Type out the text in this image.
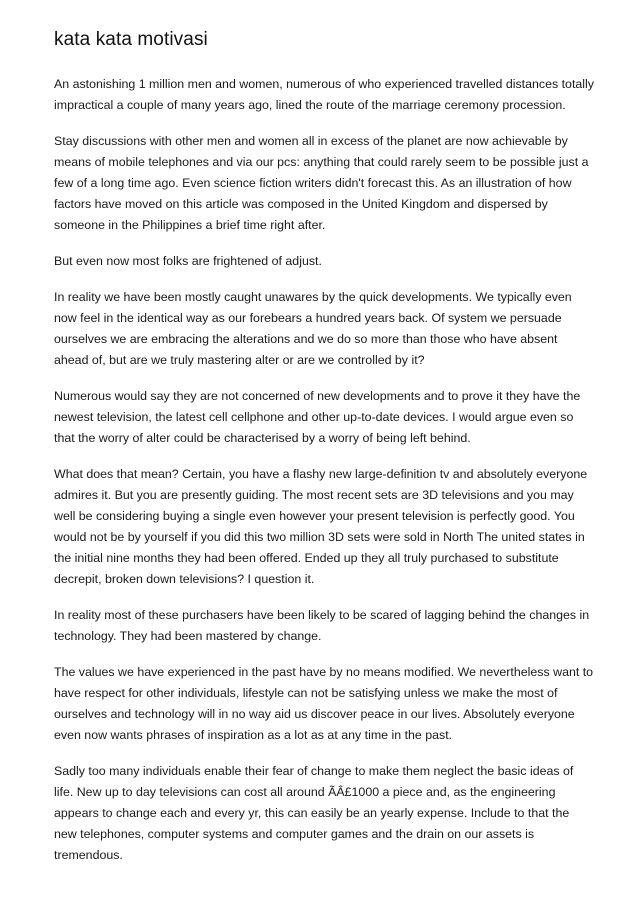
kata kata motivasi

An astonishing 1 million men and women, numerous of who experienced travelled distances totally impractical a couple of many years ago, lined the route of the marriage ceremony procession.

Stay discussions with other men and women all in excess of the planet are now achievable by means of mobile telephones and via our pcs: anything that could rarely seem to be possible just a few of a long time ago. Even science fiction writers didn't forecast this. As an illustration of how factors have moved on this article was composed in the United Kingdom and dispersed by someone in the Philippines a brief time right after.

But even now most folks are frightened of adjust.

In reality we have been mostly caught unawares by the quick developments. We typically even now feel in the identical way as our forebears a hundred years back. Of system we persuade ourselves we are embracing the alterations and we do so more than those who have absent ahead of, but are we truly mastering alter or are we controlled by it?

Numerous would say they are not concerned of new developments and to prove it they have the newest television, the latest cell cellphone and other up-to-date devices. I would argue even so that the worry of alter could be characterised by a worry of being left behind.

What does that mean? Certain, you have a flashy new large-definition tv and absolutely everyone admires it. But you are presently guiding. The most recent sets are 3D televisions and you may well be considering buying a single even however your present television is perfectly good. You would not be by yourself if you did this two million 3D sets were sold in North The united states in the initial nine months they had been offered. Ended up they all truly purchased to substitute decrepit, broken down televisions? I question it.

In reality most of these purchasers have been likely to be scared of lagging behind the changes in technology. They had been mastered by change.

The values we have experienced in the past have by no means modified. We nevertheless want to have respect for other individuals, lifestyle can not be satisfying unless we make the most of ourselves and technology will in no way aid us discover peace in our lives. Absolutely everyone even now wants phrases of inspiration as a lot as at any time in the past.

Sadly too many individuals enable their fear of change to make them neglect the basic ideas of life. New up to day televisions can cost all around ÃÂ£1000 a piece and, as the engineering appears to change each and every yr, this can easily be an yearly expense. Include to that the new telephones, computer systems and computer games and the drain on our assets is tremendous.
